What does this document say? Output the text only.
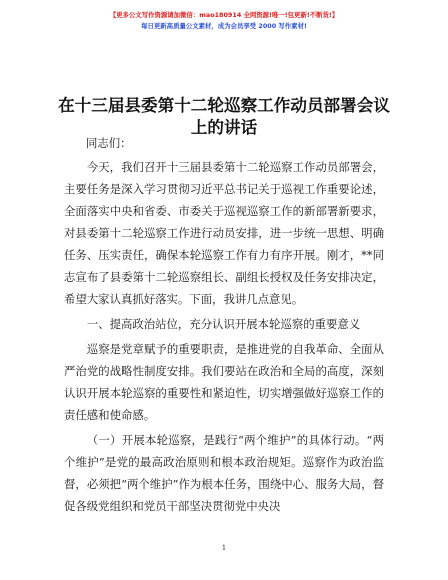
【更多公文写作资源请加微信：mao180914 全网资源!唯一!包更新!不断货!】
每日更新高质量公文素材，成为会员享受 2000 写作素材!
在十三届县委第十二轮巡察工作动员部署会议上的讲话

同志们：

今天，我们召开十三届县委第十二轮巡察工作动员部署会，主要任务是深入学习贯彻习近平总书记关于巡视工作重要论述，全面落实中央和省委、市委关于巡视巡察工作的新部署新要求，对县委第十二轮巡察工作进行动员安排，进一步统一思想、明确任务、压实责任，确保本轮巡察工作有力有序开展。刚才，**同志宣布了县委第十二轮巡察组长、副组长授权及任务安排决定，希望大家认真抓好落实。下面，我讲几点意见。

一、提高政治站位，充分认识开展本轮巡察的重要意义

巡察是党章赋予的重要职责，是推进党的自我革命、全面从严治党的战略性制度安排。我们要站在政治和全局的高度，深刻认识开展本轮巡察的重要性和紧迫性，切实增强做好巡察工作的责任感和使命感。

（一）开展本轮巡察，是践行“两个维护”的具体行动。“两个维护”是党的最高政治原则和根本政治规矩。巡察作为政治监督，必须把“两个维护”作为根本任务，围绕中心、服务大局，督促各级党组织和党员干部坚决贯彻党中央决

1
